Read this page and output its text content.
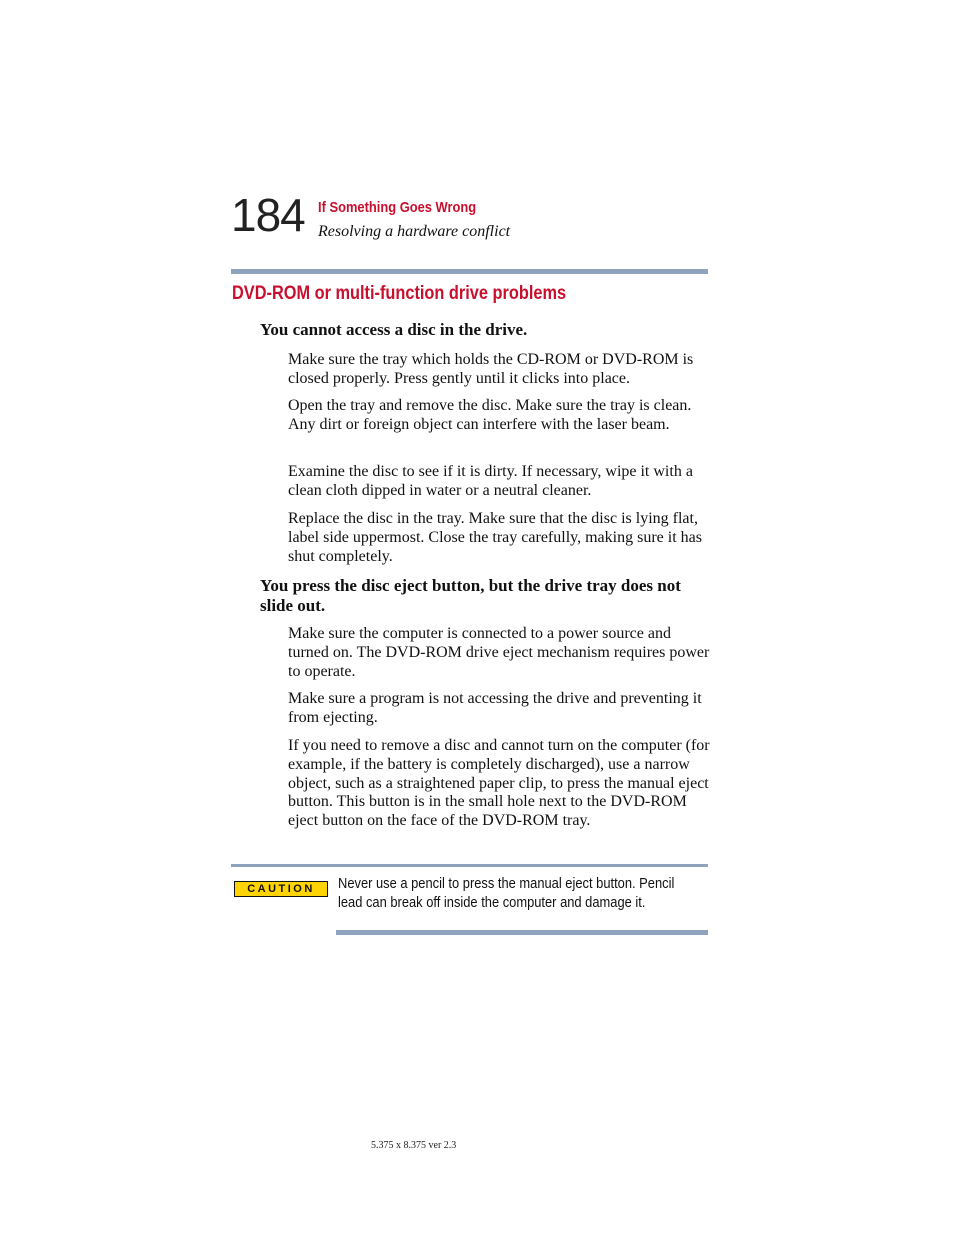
184 If Something Goes Wrong
Resolving a hardware conflict
DVD-ROM or multi-function drive problems
You cannot access a disc in the drive.
Make sure the tray which holds the CD-ROM or DVD-ROM is closed properly. Press gently until it clicks into place.
Open the tray and remove the disc. Make sure the tray is clean. Any dirt or foreign object can interfere with the laser beam.
Examine the disc to see if it is dirty. If necessary, wipe it with a clean cloth dipped in water or a neutral cleaner.
Replace the disc in the tray. Make sure that the disc is lying flat, label side uppermost. Close the tray carefully, making sure it has shut completely.
You press the disc eject button, but the drive tray does not slide out.
Make sure the computer is connected to a power source and turned on. The DVD-ROM drive eject mechanism requires power to operate.
Make sure a program is not accessing the drive and preventing it from ejecting.
If you need to remove a disc and cannot turn on the computer (for example, if the battery is completely discharged), use a narrow object, such as a straightened paper clip, to press the manual eject button. This button is in the small hole next to the DVD-ROM eject button on the face of the DVD-ROM tray.
CAUTION	Never use a pencil to press the manual eject button. Pencil lead can break off inside the computer and damage it.
5.375 x 8.375 ver 2.3
